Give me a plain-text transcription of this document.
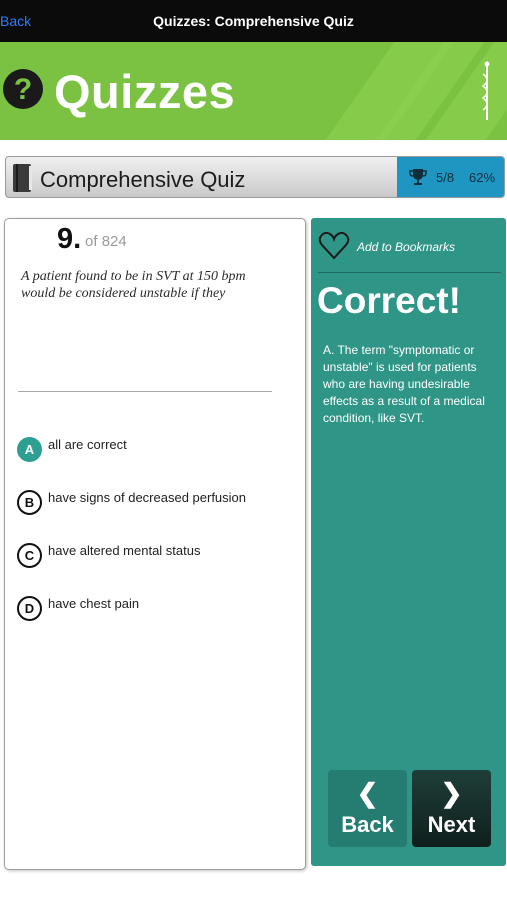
Back	Quizzes: Comprehensive Quiz
? Quizzes
Comprehensive Quiz	5/8 62%
9. of 824
A patient found to be in SVT at 150 bpm would be considered unstable if they
A	all are correct
B	have signs of decreased perfusion
C	have altered mental status
D	have chest pain
Add to Bookmarks
Correct!
A. The term "symptomatic or unstable" is used for patients who are having undesirable effects as a result of a medical condition, like SVT.
❮
Back
❯
Next
